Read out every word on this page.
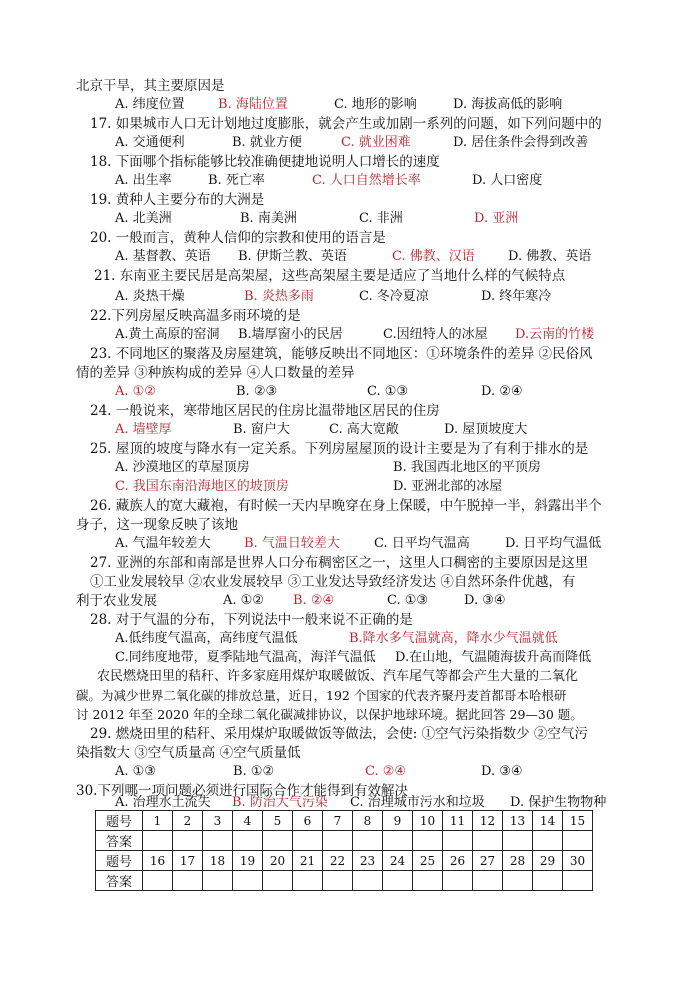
北京干旱，其主要原因是
A. 纬度位置	B. 海陆位置	C. 地形的影响	D. 海拔高低的影响
17. 如果城市人口无计划地过度膨胀，就会产生或加剧一系列的问题，如下列问题中的
A. 交通便利	B. 就业方便	C. 就业困难	D. 居住条件会得到改善
18. 下面哪个指标能够比较准确便捷地说明人口增长的速度
A. 出生率	B. 死亡率	C. 人口自然增长率	D. 人口密度
19. 黄种人主要分布的大洲是
A. 北美洲	B. 南美洲	C. 非洲	D. 亚洲
20. 一般而言，黄种人信仰的宗教和使用的语言是
A. 基督教、英语 B. 伊斯兰教、英语	C. 佛教、汉语	D. 佛教、英语
21. 东南亚主要民居是高架屋，这些高架屋主要是适应了当地什么样的气候特点
A. 炎热干燥	B. 炎热多雨	C. 冬冷夏凉	D. 终年寒冷
22.下列房屋反映高温多雨环境的是
A.黄土高原的窑洞 B.墙厚窗小的民居	C.因纽特人的冰屋 D.云南的竹楼
23. 不同地区的聚落及房屋建筑，能够反映出不同地区：①环境条件的差异 ②民俗风
情的差异 ③种族构成的差异 ④人口数量的差异
A. ①②	B. ②③	C. ①③	D. ②④
24. 一般说来，寒带地区居民的住房比温带地区居民的住房
A. 墙壁厚	B. 窗户大	C. 高大宽敞	D. 屋顶坡度大
25. 屋顶的坡度与降水有一定关系。下列房屋屋顶的设计主要是为了有利于排水的是
A. 沙漠地区的草屋顶房	B. 我国西北地区的平顶房
C. 我国东南沿海地区的坡顶房	D. 亚洲北部的冰屋
26. 藏族人的宽大藏袍，有时候一天内早晚穿在身上保暖，中午脱掉一半，斜露出半个
身子，这一现象反映了该地
A. 气温年较差大	B. 气温日较差大	C. 日平均气温高	D. 日平均气温低
27. 亚洲的东部和南部是世界人口分布稠密区之一，这里人口稠密的主要原因是这里
①工业发展较早 ②农业发展较早 ③工业发达导致经济发达 ④自然环条件优越，有
利于农业发展	A. ①② B. ②④	C. ①③	D. ③④
28. 对于气温的分布，下列说法中一般来说不正确的是
A.低纬度气温高，高纬度气温低	B.降水多气温就高，降水少气温就低
C.同纬度地带，夏季陆地气温高，海洋气温低 D.在山地，气温随海拔升高而降低
农民燃烧田里的秸秆、许多家庭用煤炉取暖做饭、汽车尾气等都会产生大量的二氧化
碳。为减少世界二氧化碳的排放总量，近日，192 个国家的代表齐聚丹麦首都哥本哈根研
讨 2012 年至 2020 年的全球二氧化碳减排协议，以保护地球环境。据此回答 29—30 题。
29. 燃烧田里的秸秆、采用煤炉取暖做饭等做法，会使: ①空气污染指数少 ②空气污
染指数大 ③空气质量高 ④空气质量低
A. ①③	B. ①②	C. ②④	D. ③④
30.下列哪一项问题必须进行国际合作才能得到有效解决
A. 治理水土流失 B. 防治大气污染 C. 治理城市污水和垃圾 D. 保护生物物种
题号	1	2	3	4	5	6	7	8	9	10	11	12	13	14	15
答案															
题号	16	17	18	19	20	21	22	23	24	25	26	27	28	29	30
答案															
